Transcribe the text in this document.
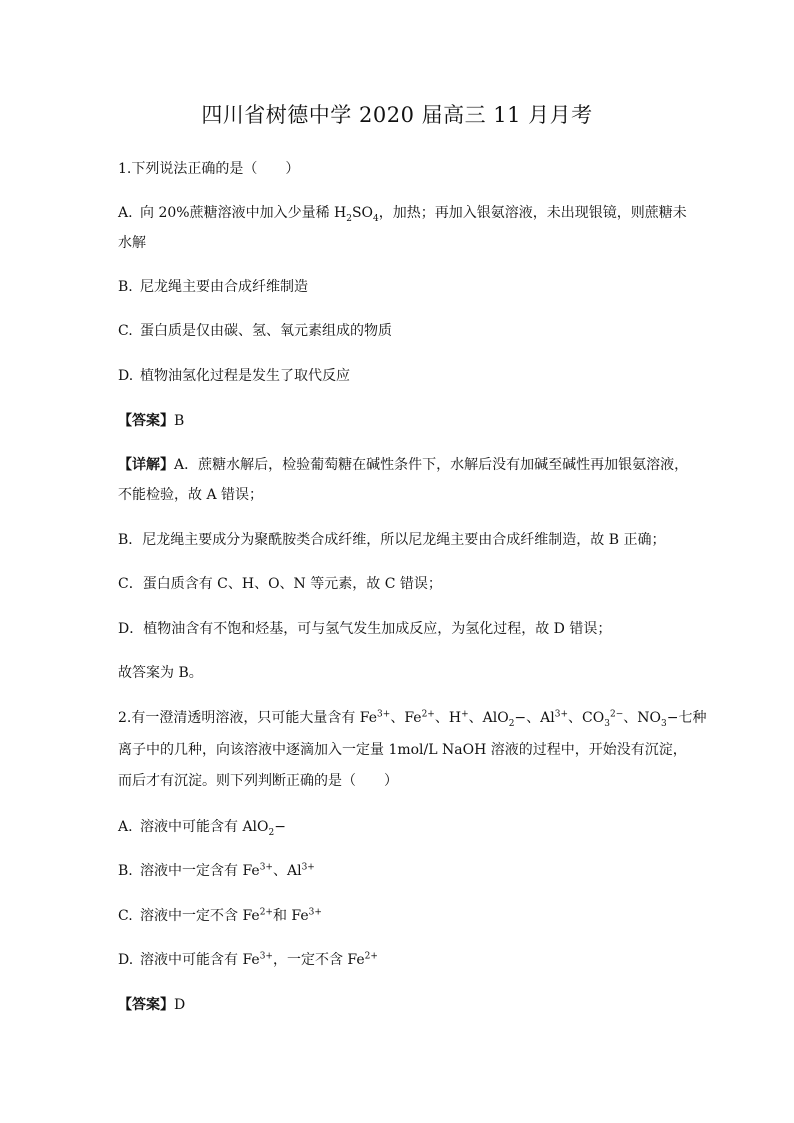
四川省树德中学 2020 届高三 11 月月考

1.下列说法正确的是（　　）

A. 向 20%蔗糖溶液中加入少量稀 $H_2SO_4$，加热；再加入银氨溶液，未出现银镜，则蔗糖未

水解

B. 尼龙绳主要由合成纤维制造

C. 蛋白质是仅由碳、氢、氧元素组成的物质

D. 植物油氢化过程是发生了取代反应

【答案】B

【详解】A．蔗糖水解后，检验葡萄糖在碱性条件下，水解后没有加碱至碱性再加银氨溶液，

不能检验，故 A 错误；

B．尼龙绳主要成分为聚酰胺类合成纤维，所以尼龙绳主要由合成纤维制造，故 B 正确；

C．蛋白质含有 C、H、O、N 等元素，故 C 错误；

D．植物油含有不饱和烃基，可与氢气发生加成反应，为氢化过程，故 D 错误；

故答案为 B。

2.有一澄清透明溶液，只可能大量含有 $Fe^{3+}$、$Fe^{2+}$、H+、AlO$_2$−、$Al^{3+}$、$CO_3^{2-}$、$NO_3-$七种

离子中的几种，向该溶液中逐滴加入一定量 1mol/L NaOH 溶液的过程中，开始没有沉淀，

而后才有沉淀。则下列判断正确的是（　　）

A. 溶液中可能含有 AlO$_2$−

B. 溶液中一定含有 $Fe^{3+}$、$Al^{3+}$

C. 溶液中一定不含 $Fe^{2+}$和 $Fe^{3+}$

D. 溶液中可能含有 $Fe^{3+}$，一定不含 $Fe^{2+}$

【答案】D
